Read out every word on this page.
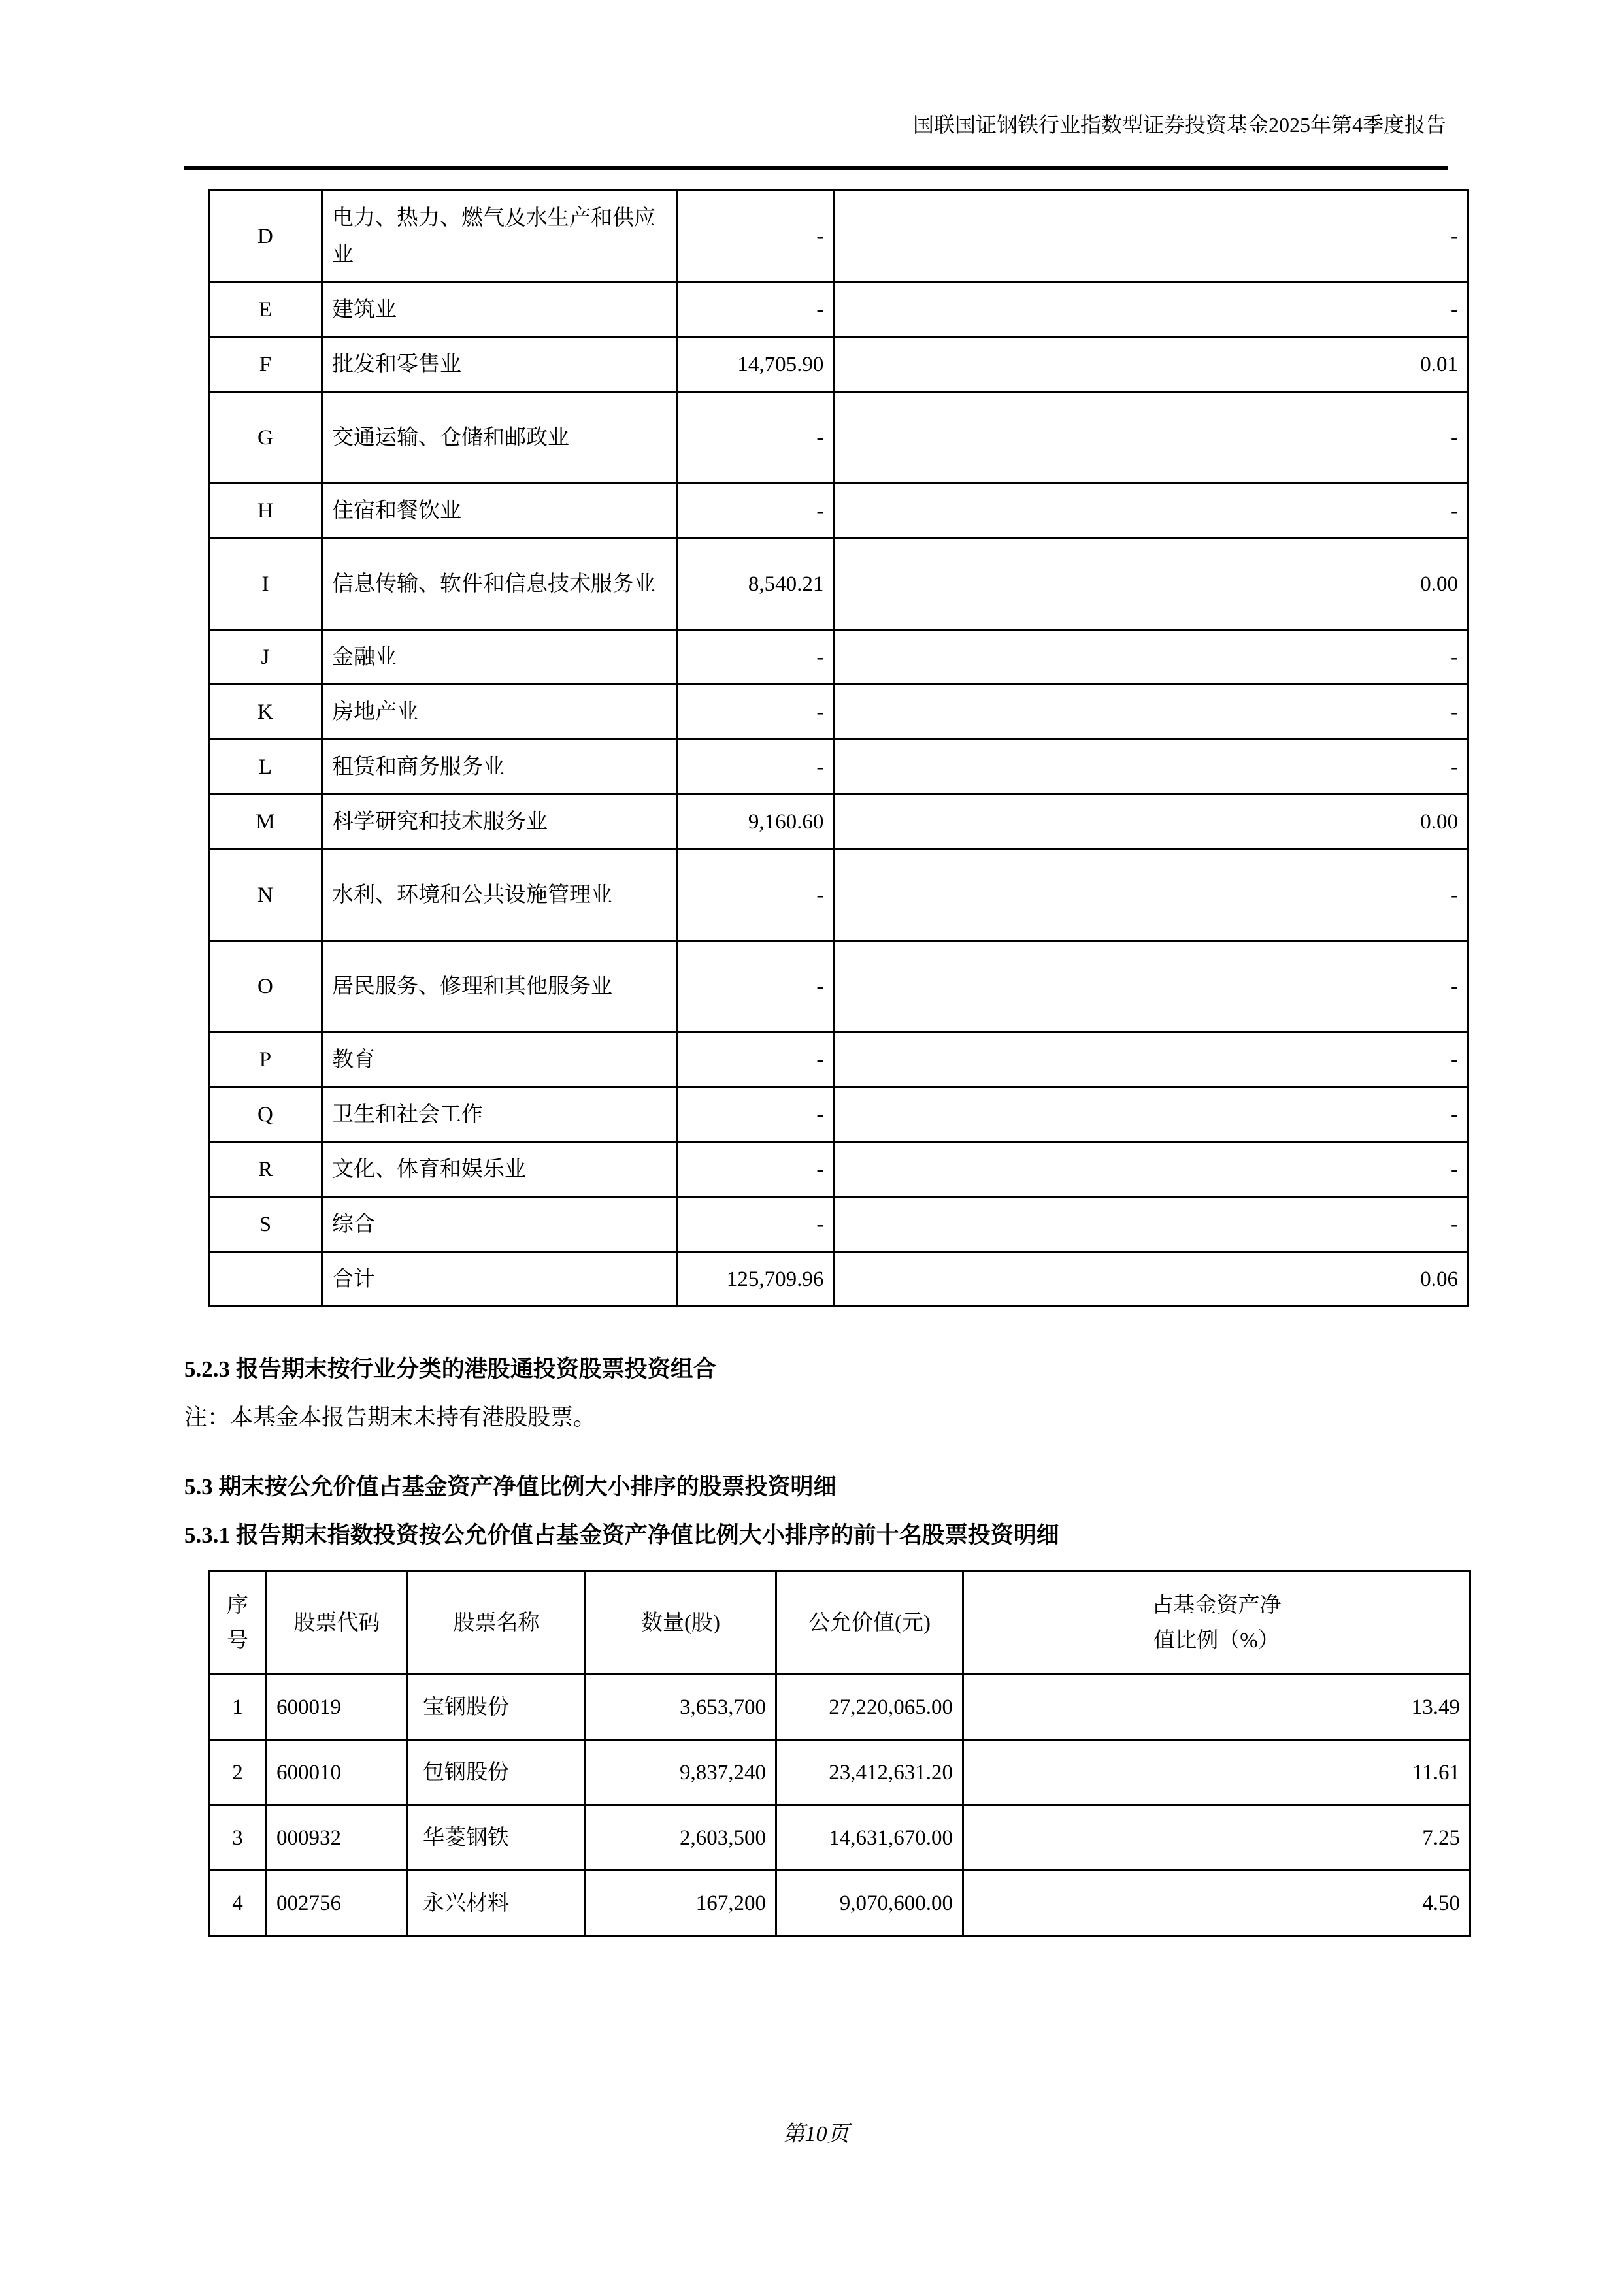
国联国证钢铁行业指数型证券投资基金2025年第4季度报告
D	电力、热力、燃气及水生产和供应业	-	-
E	建筑业	-	-
F	批发和零售业	14,705.90	0.01
G	交通运输、仓储和邮政业	-	-
H	住宿和餐饮业	-	-
I	信息传输、软件和信息技术服务业	8,540.21	0.00
J	金融业	-	-
K	房地产业	-	-
L	租赁和商务服务业	-	-
M	科学研究和技术服务业	9,160.60	0.00
N	水利、环境和公共设施管理业	-	-
O	居民服务、修理和其他服务业	-	-
P	教育	-	-
Q	卫生和社会工作	-	-
R	文化、体育和娱乐业	-	-
S	综合	-	-
	合计	125,709.96	0.06

5.2.3 报告期末按行业分类的港股通投资股票投资组合

注：本基金本报告期末未持有港股股票。

5.3 期末按公允价值占基金资产净值比例大小排序的股票投资明细

5.3.1 报告期末指数投资按公允价值占基金资产净值比例大小排序的前十名股票投资明细

序
号	股票代码	股票名称	数量(股)	公允价值(元)	占基金资产净
值比例（%）

1	600019	宝钢股份	3,653,700	27,220,065.00	13.49
2	600010	包钢股份	9,837,240	23,412,631.20	11.61
3	000932	华菱钢铁	2,603,500	14,631,670.00	7.25
4	002756	永兴材料	167,200	9,070,600.00	4.50
第10页
